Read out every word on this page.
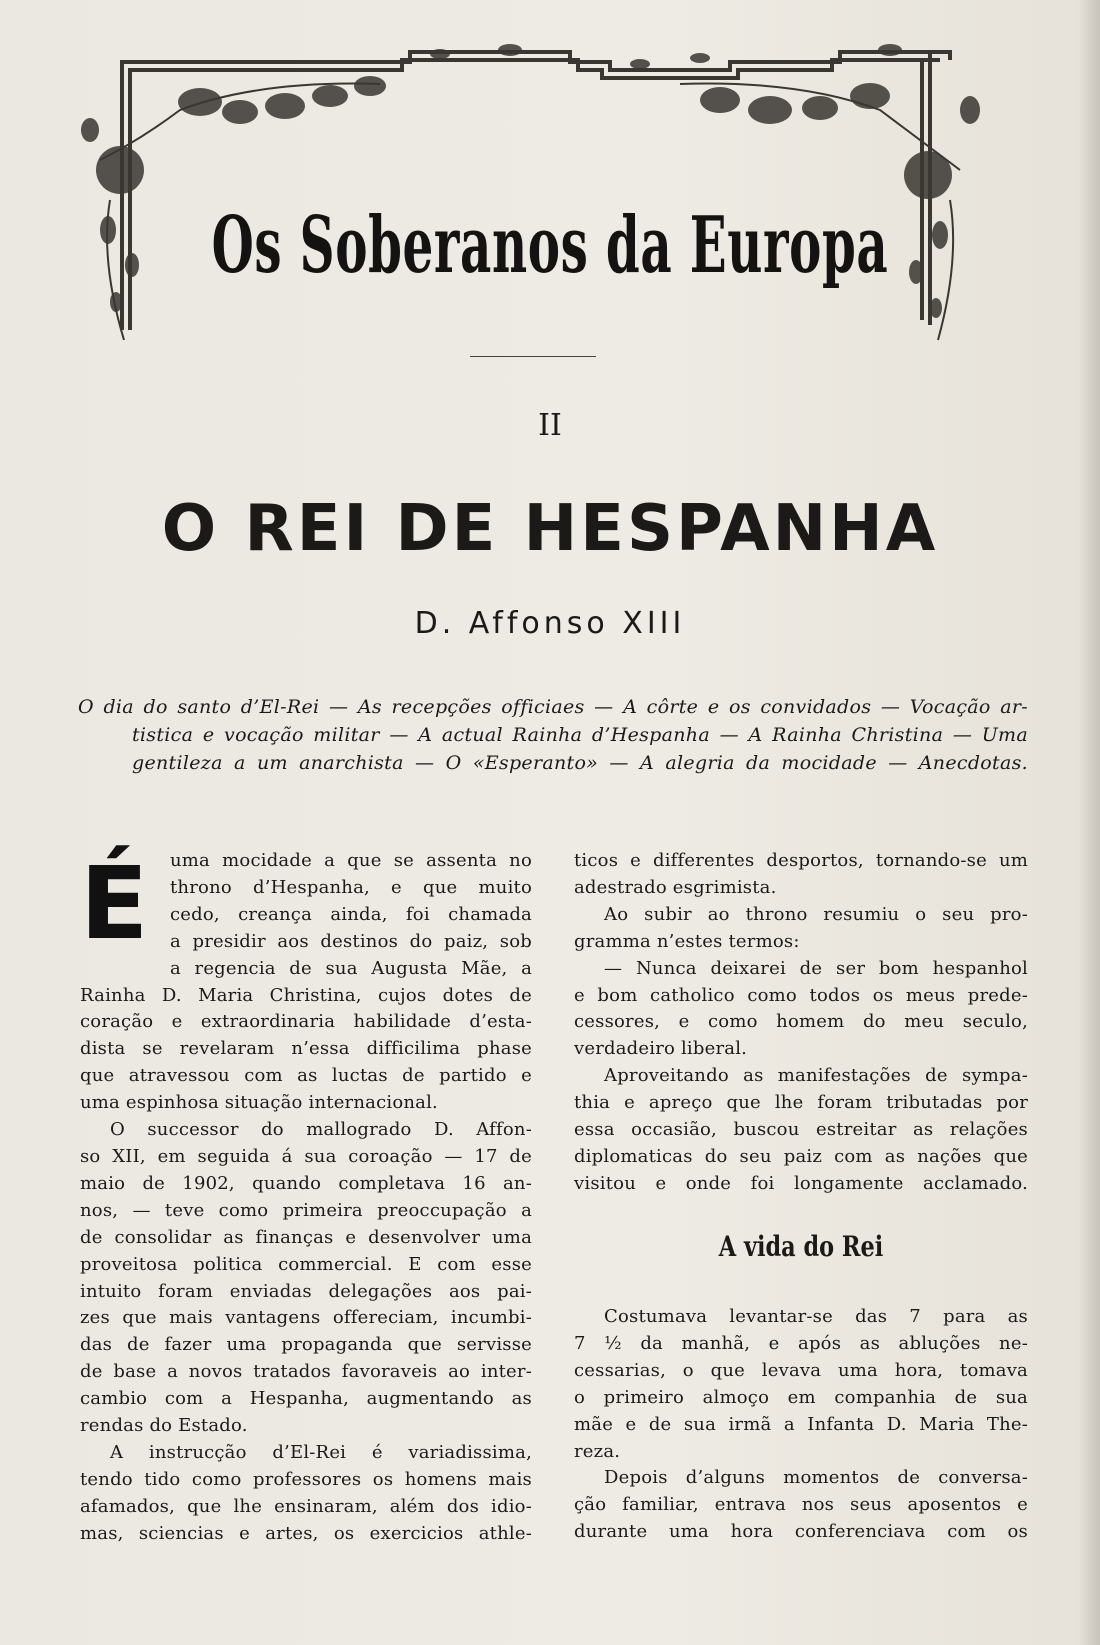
Os Soberanos da Europa
II
O REI DE HESPANHA
D. Affonso XIII
O dia do santo d’El-Rei — As recepções officiaes — A côrte e os convidados — Vocação ar-
tistica e vocação militar — A actual Rainha d’Hespanha — A Rainha Christina — Uma
gentileza a um anarchista — O «Esperanto» — A alegria da mocidade — Anecdotas.
É	uma mocidade a que se assenta no
throno d’Hespanha, e que muito
cedo, creança ainda, foi chamada
a presidir aos destinos do paiz, sob
a regencia de sua Augusta Mãe, a
Rainha D. Maria Christina, cujos dotes de
coração e extraordinaria habilidade d’esta-
dista se revelaram n’essa difficilima phase
que atravessou com as luctas de partido e
uma espinhosa situação internacional.
O successor do mallogrado D. Affon-
so XII, em seguida á sua coroação — 17 de
maio de 1902, quando completava 16 an-
nos, — teve como primeira preoccupação a
de consolidar as finanças e desenvolver uma
proveitosa politica commercial. E com esse
intuito foram enviadas delegações aos pai-
zes que mais vantagens offereciam, incumbi-
das de fazer uma propaganda que servisse
de base a novos tratados favoraveis ao inter-
cambio com a Hespanha, augmentando as
rendas do Estado.
A instrucção d’El-Rei é variadissima,
tendo tido como professores os homens mais
afamados, que lhe ensinaram, além dos idio-
mas, sciencias e artes, os exercicios athle-
ticos e differentes desportos, tornando-se um
adestrado esgrimista.
Ao subir ao throno resumiu o seu pro-
gramma n’estes termos:
— Nunca deixarei de ser bom hespanhol
e bom catholico como todos os meus prede-
cessores, e como homem do meu seculo,
verdadeiro liberal.
Aproveitando as manifestações de sympa-
thia e apreço que lhe foram tributadas por
essa occasião, buscou estreitar as relações
diplomaticas do seu paiz com as nações que
visitou e onde foi longamente acclamado.
A vida do Rei
Costumava levantar-se das 7 para as
7 ½ da manhã, e após as abluções ne-
cessarias, o que levava uma hora, tomava
o primeiro almoço em companhia de sua
mãe e de sua irmã a Infanta D. Maria The-
reza.
Depois d’alguns momentos de conversa-
ção familiar, entrava nos seus aposentos e
durante uma hora conferenciava com os
